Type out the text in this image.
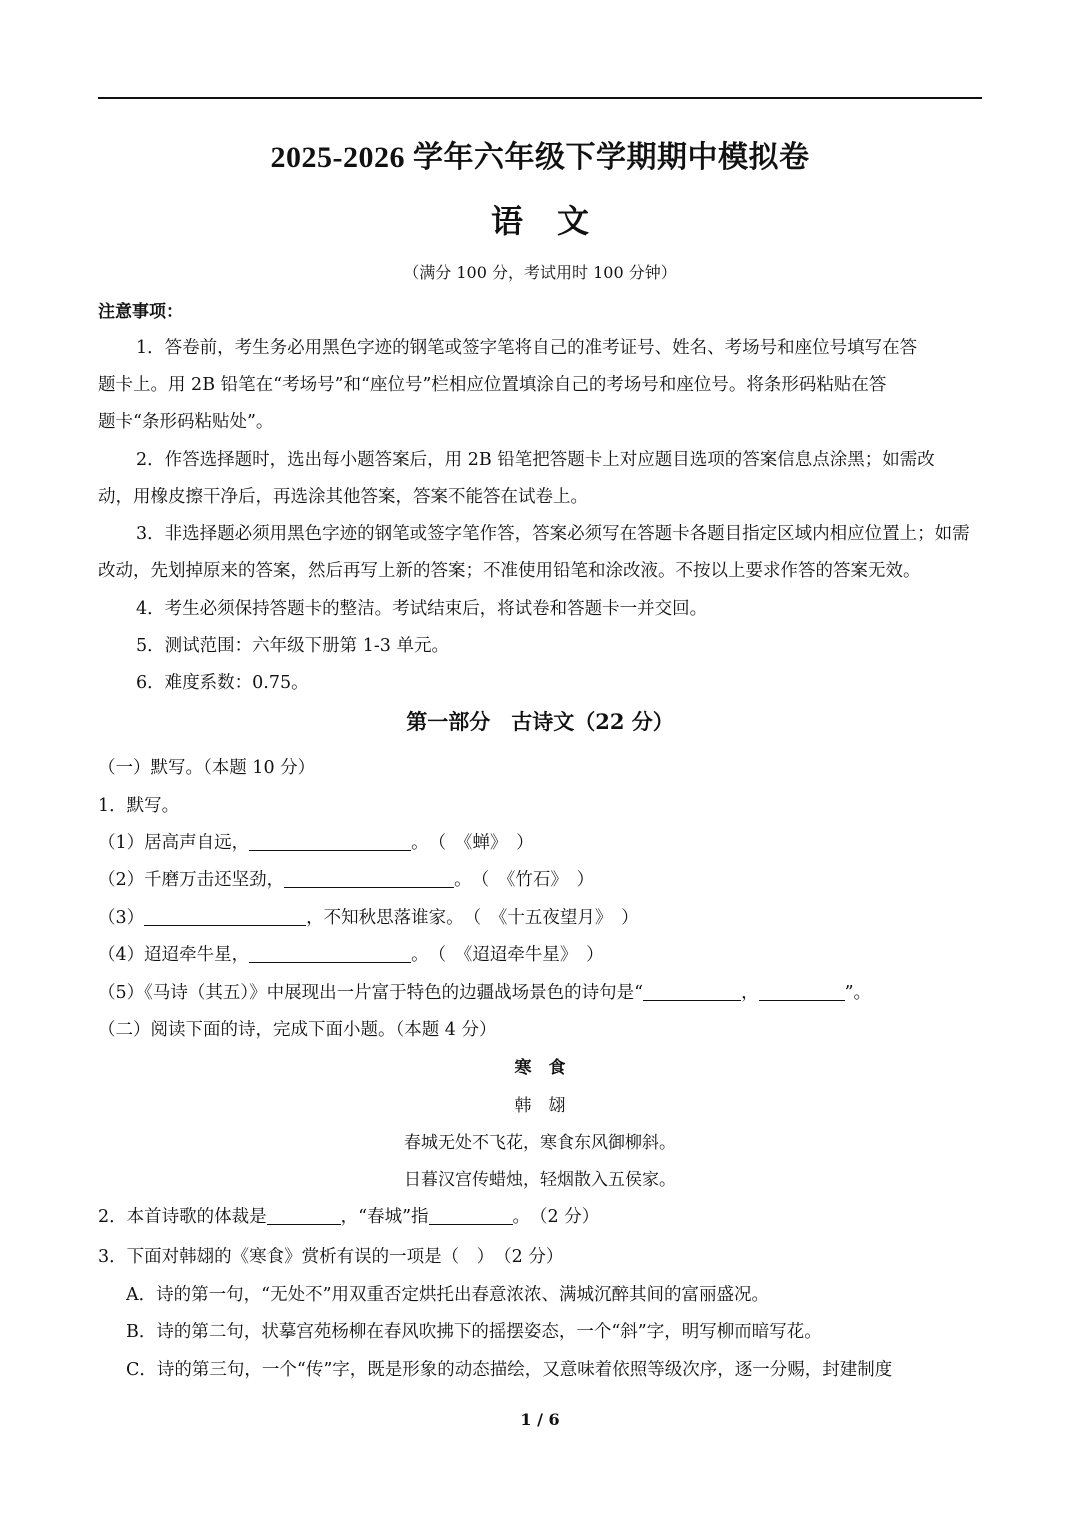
2025-2026 学年六年级下学期期中模拟卷
语文
（满分 100 分，考试用时 100 分钟）
注意事项：
1．答卷前，考生务必用黑色字迹的钢笔或签字笔将自己的准考证号、姓名、考场号和座位号填写在答
题卡上。用 2B 铅笔在“考场号”和“座位号”栏相应位置填涂自己的考场号和座位号。将条形码粘贴在答
题卡“条形码粘贴处”。
2．作答选择题时，选出每小题答案后，用 2B 铅笔把答题卡上对应题目选项的答案信息点涂黑；如需改
动，用橡皮擦干净后，再选涂其他答案，答案不能答在试卷上。
3．非选择题必须用黑色字迹的钢笔或签字笔作答，答案必须写在答题卡各题目指定区域内相应位置上；如需
改动，先划掉原来的答案，然后再写上新的答案；不准使用铅笔和涂改液。不按以上要求作答的答案无效。
4．考生必须保持答题卡的整洁。考试结束后，将试卷和答题卡一并交回。
5．测试范围：六年级下册第 1-3 单元。
6．难度系数：0.75。
第一部分　古诗文（22 分）
（一）默写。（本题 10 分）
1．默写。
（1）居高声自远，	。　（　《蝉》　）
（2）千磨万击还坚劲，	。　（　《竹石》　）
（3）	，不知秋思落谁家。　（　《十五夜望月》　）
（4）迢迢牵牛星，	。　（　《迢迢牵牛星》　）
（5）《马诗（其五）》中展现出一片富于特色的边疆战场景色的诗句是“	，	”。
（二）阅读下面的诗，完成下面小题。（本题 4 分）
寒　食
韩　翃
春城无处不飞花，寒食东风御柳斜。
日暮汉宫传蜡烛，轻烟散入五侯家。
2．本首诗歌的体裁是	，“春城”指	。　（2 分）
3．下面对韩翃的《寒食》赏析有误的一项是（　）　（2 分）
A．诗的第一句，“无处不”用双重否定烘托出春意浓浓、满城沉醉其间的富丽盛况。
B．诗的第二句，状摹宫苑杨柳在春风吹拂下的摇摆姿态，一个“斜”字，明写柳而暗写花。
C．诗的第三句，一个“传”字，既是形象的动态描绘，又意味着依照等级次序，逐一分赐，封建制度
1 / 6
